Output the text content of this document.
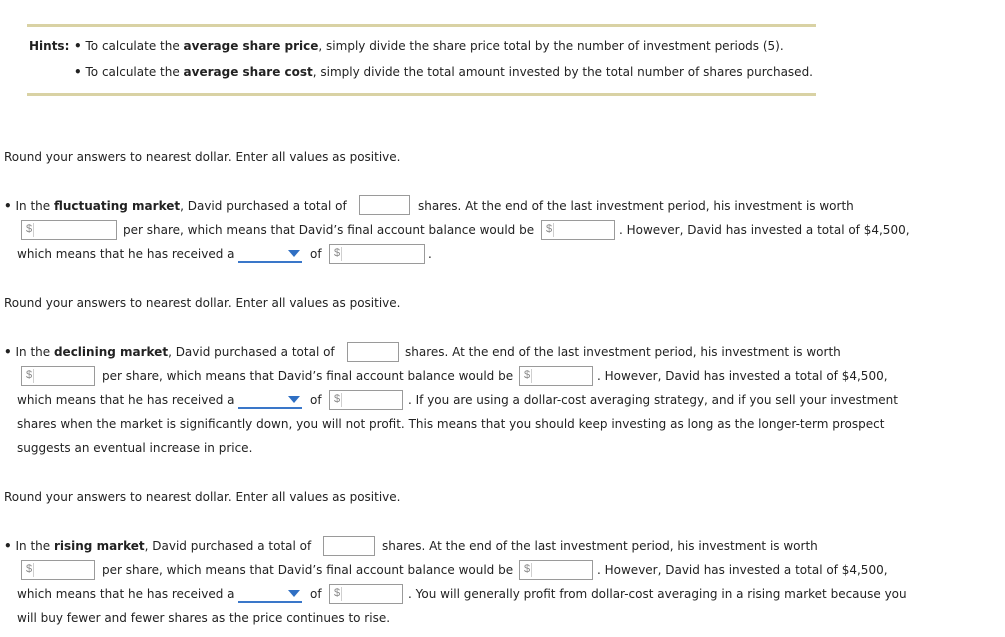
Hints: • To calculate the average share price, simply divide the share price total by the number of investment periods (5).
• To calculate the average share cost, simply divide the total amount invested by the total number of shares purchased.
Round your answers to nearest dollar. Enter all values as positive.
• In the fluctuating market, David purchased a total of	shares. At the end of the last investment period, his investment is worth
$	per share, which means that David’s final account balance would be $	. However, David has invested a total of $4,500,
which means that he has received a	of $	.
Round your answers to nearest dollar. Enter all values as positive.
• In the declining market, David purchased a total of	shares. At the end of the last investment period, his investment is worth
$	per share, which means that David’s final account balance would be $	. However, David has invested a total of $4,500,
which means that he has received a	of $	. If you are using a dollar-cost averaging strategy, and if you sell your investment
shares when the market is significantly down, you will not profit. This means that you should keep investing as long as the longer-term prospect
suggests an eventual increase in price.
Round your answers to nearest dollar. Enter all values as positive.
• In the rising market, David purchased a total of	shares. At the end of the last investment period, his investment is worth
$	per share, which means that David’s final account balance would be $	. However, David has invested a total of $4,500,
which means that he has received a	of $	. You will generally profit from dollar-cost averaging in a rising market because you
will buy fewer and fewer shares as the price continues to rise.
